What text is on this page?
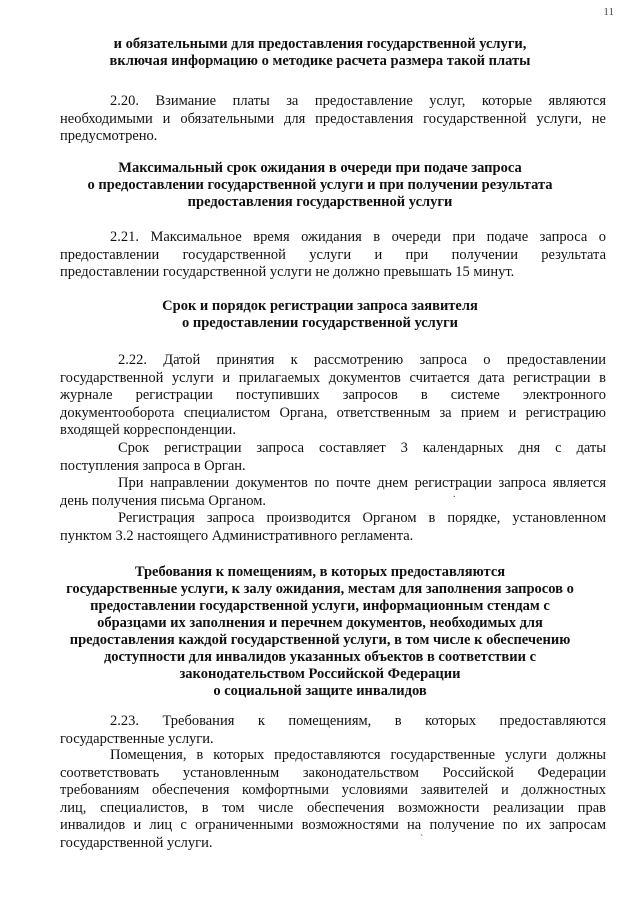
11
и обязательными для предоставления государственной услуги,
включая информацию о методике расчета размера такой платы
2.20. Взимание платы за предоставление услуг, которые являются
необходимыми и обязательными для предоставления государственной услуги, не
предусмотрено.
Максимальный срок ожидания в очереди при подаче запроса
о предоставлении государственной услуги и при получении результата
предоставления государственной услуги
2.21. Максимальное время ожидания в очереди при подаче запроса о
предоставлении государственной услуги и при получении результата
предоставлении государственной услуги не должно превышать 15 минут.
Срок и порядок регистрации запроса заявителя
о предоставлении государственной услуги
2.22. Датой принятия к рассмотрению запроса о предоставлении
государственной услуги и прилагаемых документов считается дата регистрации в
журнале регистрации поступивших запросов в системе электронного
документооборота специалистом Органа, ответственным за прием и регистрацию
входящей корреспонденции.
Срок регистрации запроса составляет 3 календарных дня с даты
поступления запроса в Орган.
При направлении документов по почте днем регистрации запроса является
день получения письма Органом.	.
Регистрация запроса производится Органом в порядке, установленном
пунктом 3.2 настоящего Административного регламента.
Требования к помещениям, в которых предоставляются
государственные услуги, к залу ожидания, местам для заполнения запросов о
предоставлении государственной услуги, информационным стендам с
образцами их заполнения и перечнем документов, необходимых для
предоставления каждой государственной услуги, в том числе к обеспечению
доступности для инвалидов указанных объектов в соответствии с
законодательством Российской Федерации
о социальной защите инвалидов
2.23. Требования к помещениям, в которых предоставляются
государственные услуги.
Помещения, в которых предоставляются государственные услуги должны
соответствовать установленным законодательством Российской Федерации
требованиям обеспечения комфортными условиями заявителей и должностных
лиц, специалистов, в том числе обеспечения возможности реализации прав
инвалидов и лиц с ограниченными возможностями на получение по их запросам
государственной услуги.	`
